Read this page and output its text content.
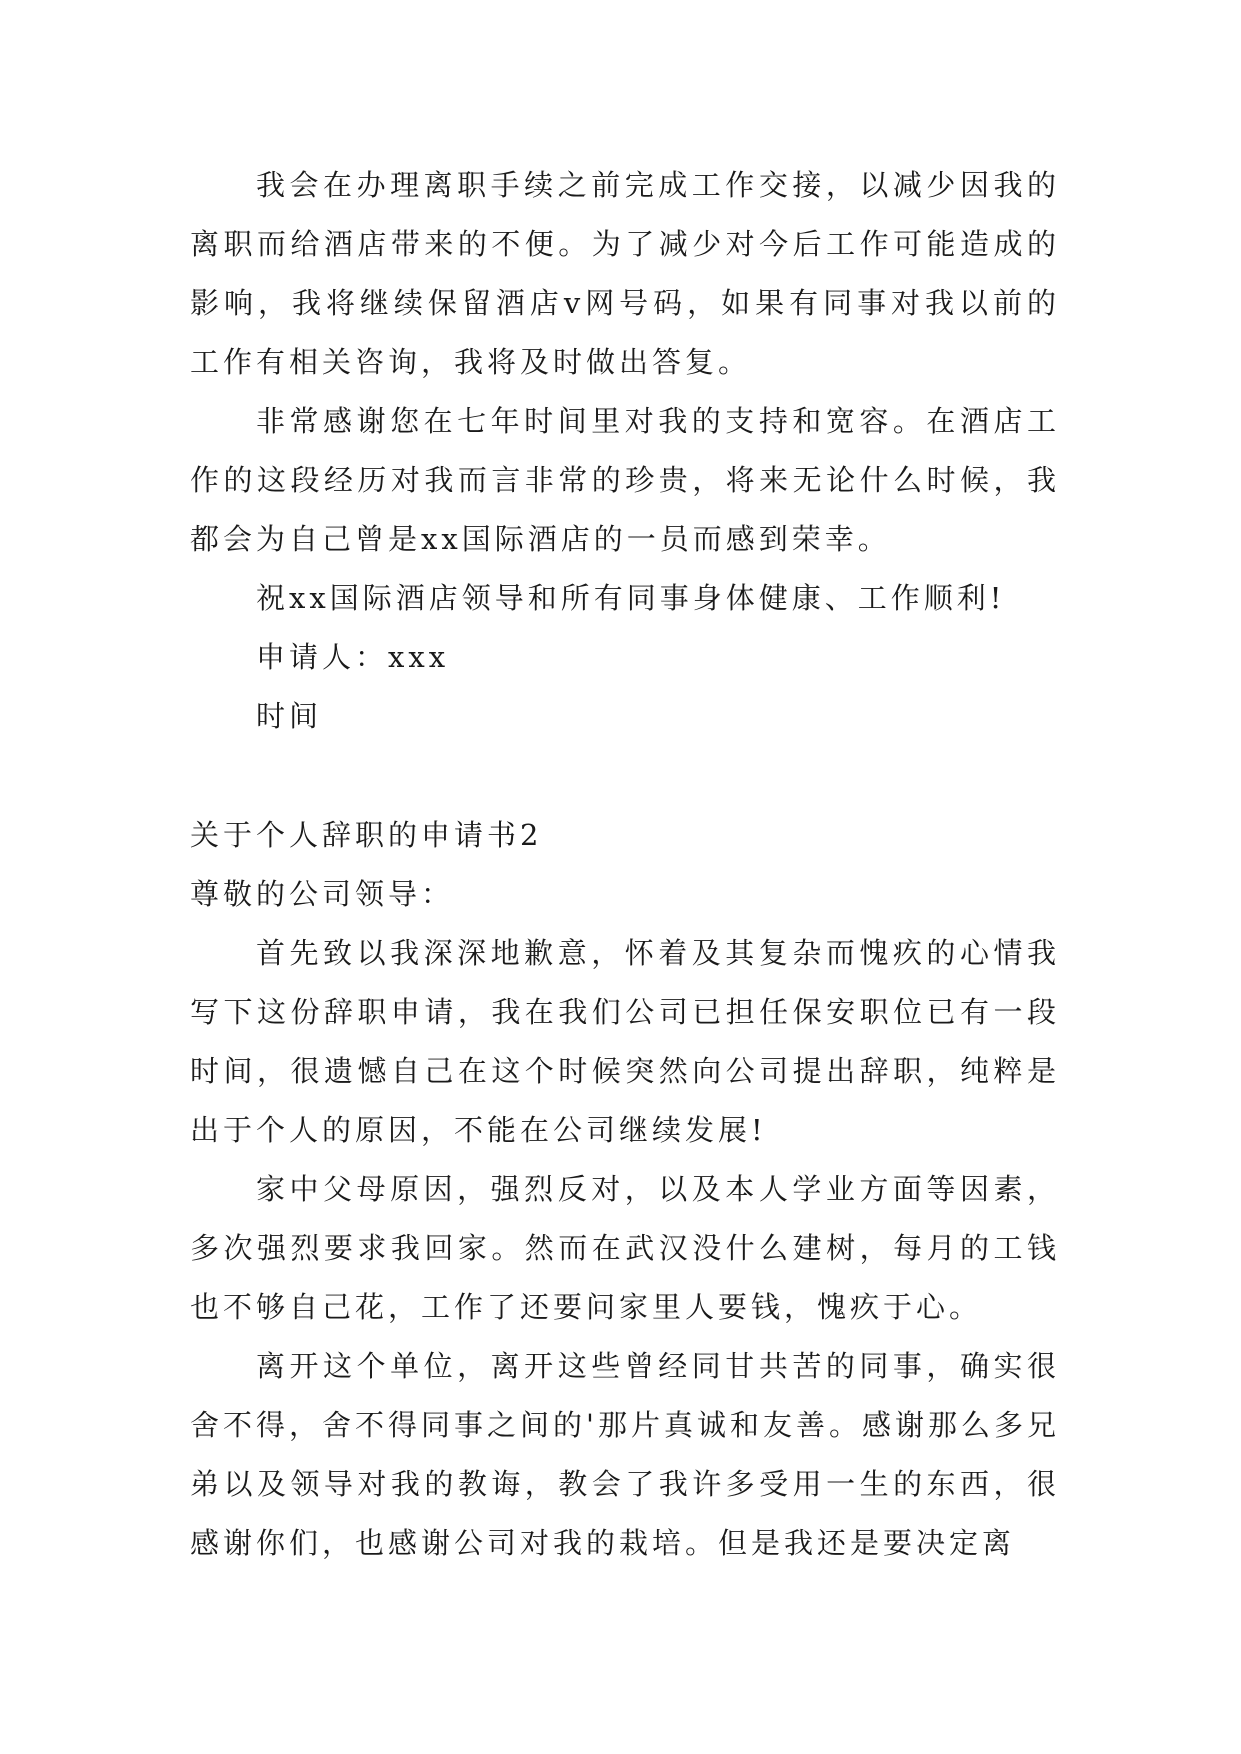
我会在办理离职手续之前完成工作交接，以减少因我的离职而给酒店带来的不便。为了减少对今后工作可能造成的影响，我将继续保留酒店v网号码，如果有同事对我以前的工作有相关咨询，我将及时做出答复。

非常感谢您在七年时间里对我的支持和宽容。在酒店工作的这段经历对我而言非常的珍贵，将来无论什么时候，我都会为自己曾是xx国际酒店的一员而感到荣幸。

祝xx国际酒店领导和所有同事身体健康、工作顺利!

申请人：xxx

时间

关于个人辞职的申请书2

尊敬的公司领导：

首先致以我深深地歉意，怀着及其复杂而愧疚的心情我写下这份辞职申请，我在我们公司已担任保安职位已有一段时间，很遗憾自己在这个时候突然向公司提出辞职，纯粹是出于个人的原因，不能在公司继续发展!

家中父母原因，强烈反对，以及本人学业方面等因素，多次强烈要求我回家。然而在武汉没什么建树，每月的工钱也不够自己花，工作了还要问家里人要钱，愧疚于心。

离开这个单位，离开这些曾经同甘共苦的同事，确实很舍不得，舍不得同事之间的'那片真诚和友善。感谢那么多兄弟以及领导对我的教诲，教会了我许多受用一生的东西，很感谢你们，也感谢公司对我的栽培。但是我还是要决定离
